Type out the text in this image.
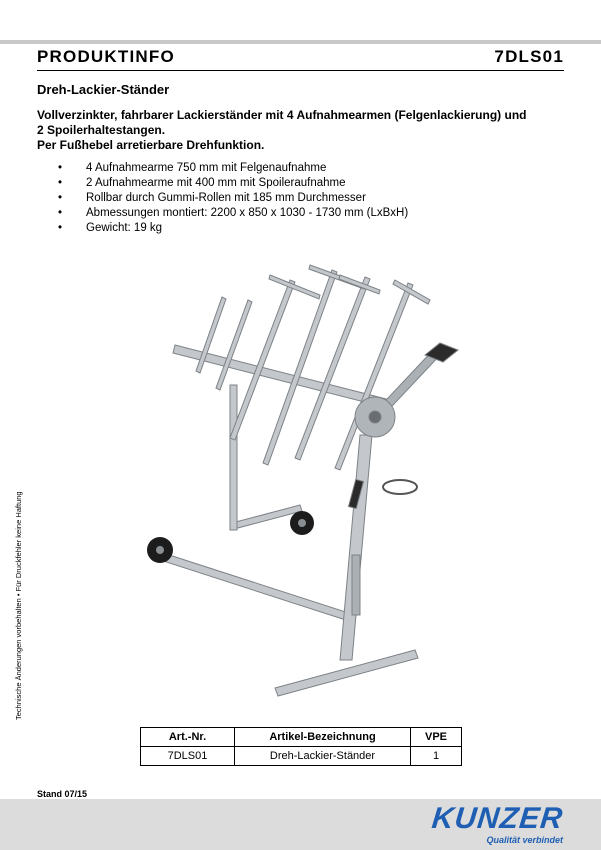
PRODUKTINFO	7DLS01
Dreh-Lackier-Ständer
Vollverzinkter, fahrbarer Lackierständer mit 4 Aufnahmearmen (Felgenlackierung) und
2 Spoilerhaltestangen.
Per Fußhebel arretierbare Drehfunktion.
• 4 Aufnahmearme 750 mm mit Felgenaufnahme
• 2 Aufnahmearme mit 400 mm mit Spoileraufnahme
• Rollbar durch Gummi-Rollen mit 185 mm Durchmesser
• Abmessungen montiert: 2200 x 850 x 1030 - 1730 mm (LxBxH)
• Gewicht: 19 kg
Technische Änderungen vorbehalten • Für Druckfehler keine Haftung
Art.-Nr.	Artikel-Bezeichnung	VPE
7DLS01	Dreh-Lackier-Ständer	1
Stand 07/15
KUNZER
Qualität verbindet
